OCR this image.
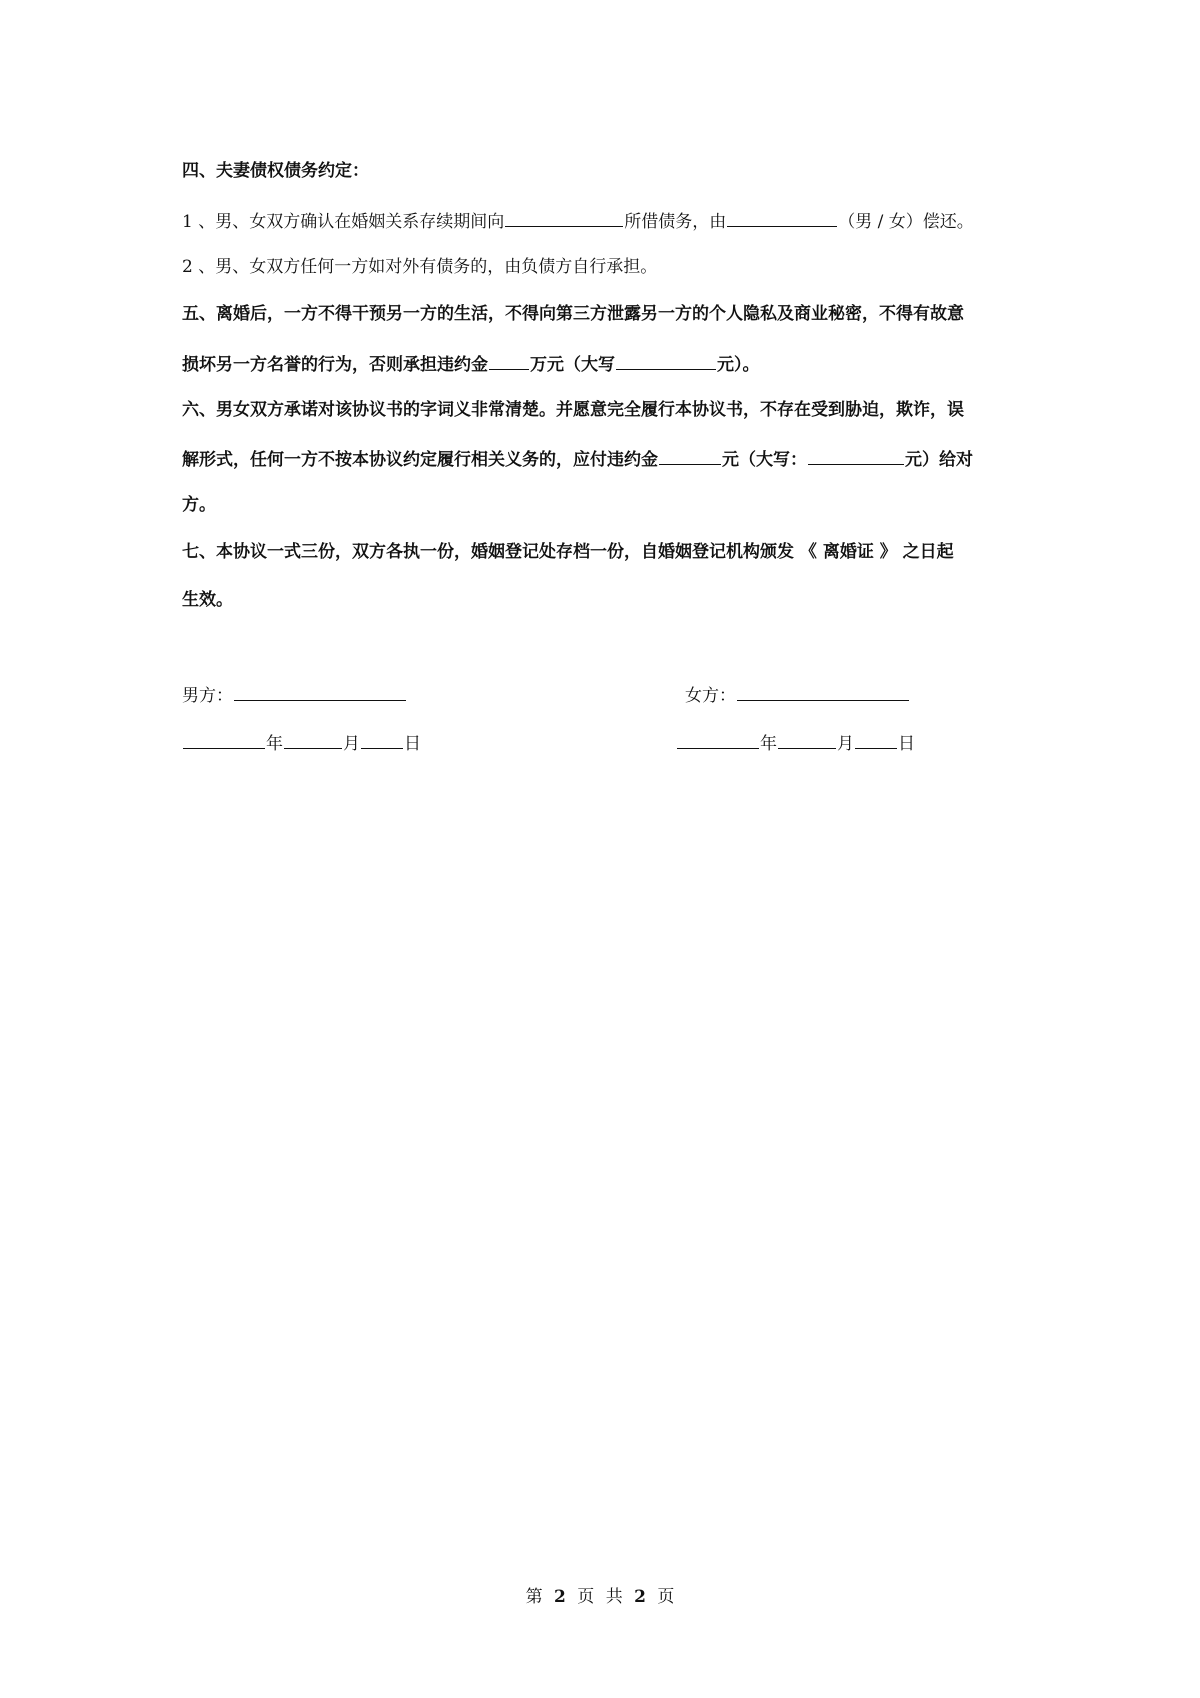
四、夫妻债权债务约定：
1 、男、女双方确认在婚姻关系存续期间向	所借债务，由	（男 / 女）偿还。
2 、男、女双方任何一方如对外有债务的，由负债方自行承担。
五、离婚后，一方不得干预另一方的生活，不得向第三方泄露另一方的个人隐私及商业秘密，不得有故意
损坏另一方名誉的行为，否则承担违约金 万元（大写	元）。
六、男女双方承诺对该协议书的字词义非常清楚。并愿意完全履行本协议书，不存在受到胁迫，欺诈，误
解形式，任何一方不按本协议约定履行相关义务的，应付违约金	元（大写：	元）给对
方。
七、本协议一式三份，双方各执一份，婚姻登记处存档一份，自婚姻登记机构颁发 《 离婚证 》 之日起
生效。
男方：	女方：
年	月	日	年	月	日
第 2 页 共 2 页
